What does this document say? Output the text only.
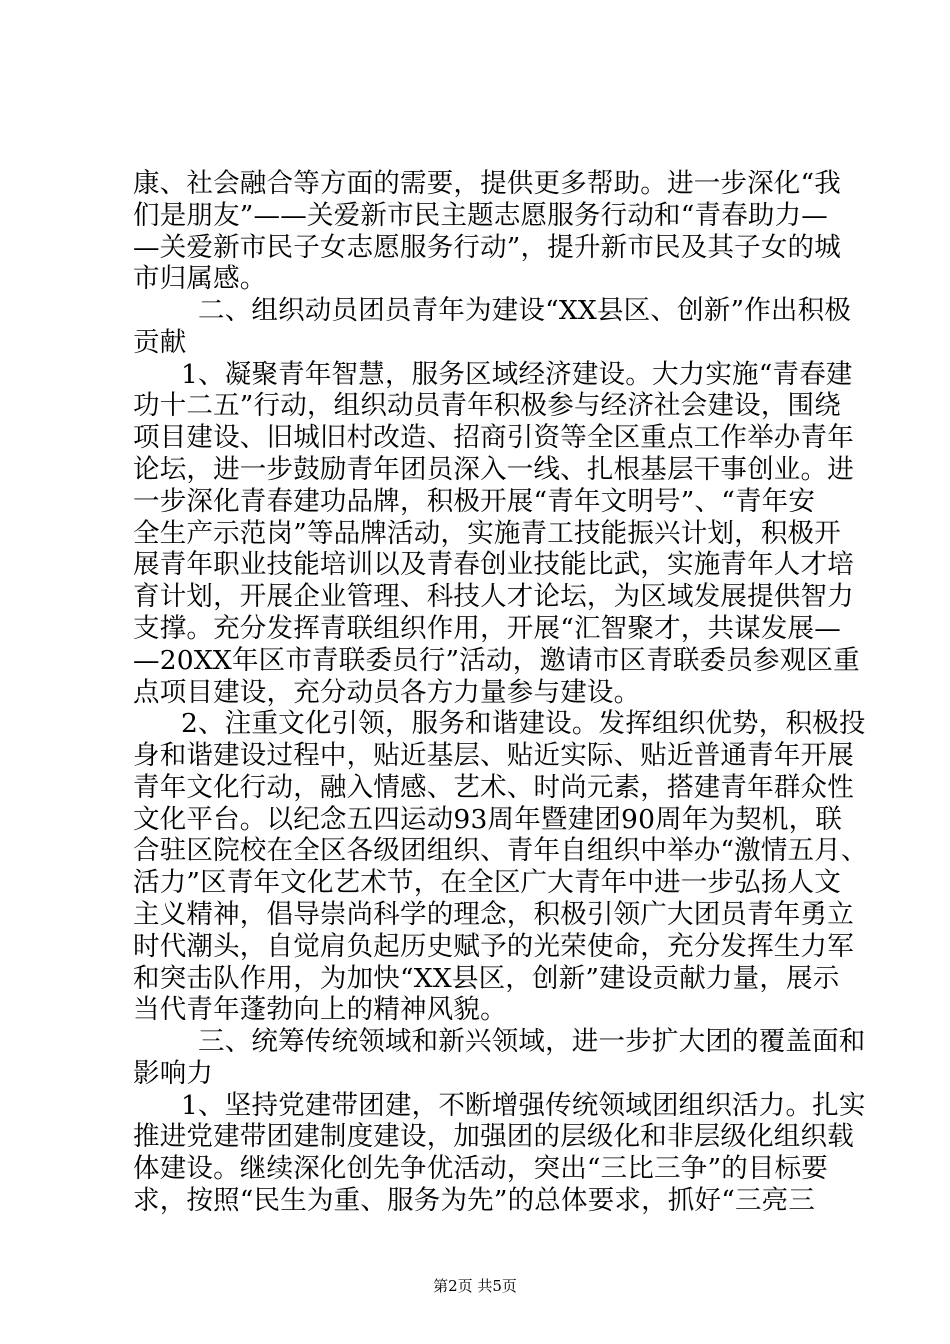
康、社会融合等方面的需要，提供更多帮助。进一步深化“我
们是朋友”——关爱新市民主题志愿服务行动和“青春助力—
—关爱新市民子女志愿服务行动”，提升新市民及其子女的城
市归属感。
二、组织动员团员青年为建设“XX县区、创新”作出积极
贡献
1、凝聚青年智慧，服务区域经济建设。大力实施“青春建
功十二五”行动，组织动员青年积极参与经济社会建设，围绕
项目建设、旧城旧村改造、招商引资等全区重点工作举办青年
论坛，进一步鼓励青年团员深入一线、扎根基层干事创业。进
一步深化青春建功品牌，积极开展“青年文明号”、“青年安
全生产示范岗”等品牌活动，实施青工技能振兴计划，积极开
展青年职业技能培训以及青春创业技能比武，实施青年人才培
育计划，开展企业管理、科技人才论坛，为区域发展提供智力
支撑。充分发挥青联组织作用，开展“汇智聚才，共谋发展—
—20XX年区市青联委员行”活动，邀请市区青联委员参观区重
点项目建设，充分动员各方力量参与建设。
2、注重文化引领，服务和谐建设。发挥组织优势，积极投
身和谐建设过程中，贴近基层、贴近实际、贴近普通青年开展
青年文化行动，融入情感、艺术、时尚元素，搭建青年群众性
文化平台。以纪念五四运动93周年暨建团90周年为契机，联
合驻区院校在全区各级团组织、青年自组织中举办“激情五月、
活力”区青年文化艺术节，在全区广大青年中进一步弘扬人文
主义精神，倡导崇尚科学的理念，积极引领广大团员青年勇立
时代潮头，自觉肩负起历史赋予的光荣使命，充分发挥生力军
和突击队作用，为加快“XX县区，创新”建设贡献力量，展示
当代青年蓬勃向上的精神风貌。
三、统筹传统领域和新兴领域，进一步扩大团的覆盖面和
影响力
1、坚持党建带团建，不断增强传统领域团组织活力。扎实
推进党建带团建制度建设，加强团的层级化和非层级化组织载
体建设。继续深化创先争优活动，突出“三比三争”的目标要
求，按照“民生为重、服务为先”的总体要求，抓好“三亮三
第2页 共5页
